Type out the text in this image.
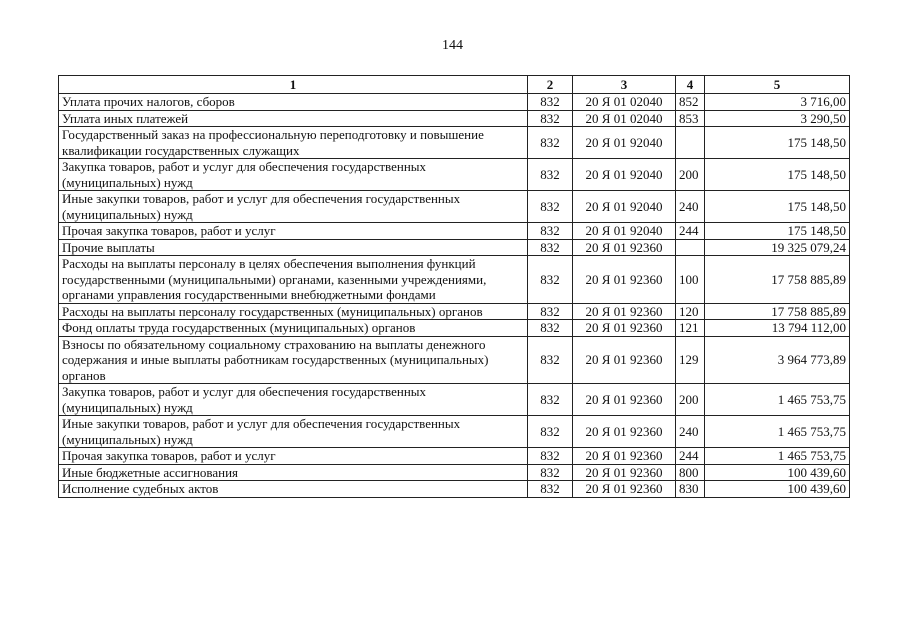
144
1	2	3	4	5
Уплата прочих налогов, сборов	832	20 Я 01 02040	852	3 716,00
Уплата иных платежей	832	20 Я 01 02040	853	3 290,50
Государственный заказ на профессиональную переподготовку и повышение квалификации государственных служащих	832	20 Я 01 92040		175 148,50
Закупка товаров, работ и услуг для обеспечения государственных (муниципальных) нужд	832	20 Я 01 92040	200	175 148,50
Иные закупки товаров, работ и услуг для обеспечения государственных (муниципальных) нужд	832	20 Я 01 92040	240	175 148,50
Прочая закупка товаров, работ и услуг	832	20 Я 01 92040	244	175 148,50
Прочие выплаты	832	20 Я 01 92360		19 325 079,24
Расходы на выплаты персоналу в целях обеспечения выполнения функций государственными (муниципальными) органами, казенными учреждениями, органами управления государственными внебюджетными фондами	832	20 Я 01 92360	100	17 758 885,89
Расходы на выплаты персоналу государственных (муниципальных) органов	832	20 Я 01 92360	120	17 758 885,89
Фонд оплаты труда государственных (муниципальных) органов	832	20 Я 01 92360	121	13 794 112,00
Взносы по обязательному социальному страхованию на выплаты денежного содержания и иные выплаты работникам государственных (муниципальных) органов	832	20 Я 01 92360	129	3 964 773,89
Закупка товаров, работ и услуг для обеспечения государственных (муниципальных) нужд	832	20 Я 01 92360	200	1 465 753,75
Иные закупки товаров, работ и услуг для обеспечения государственных (муниципальных) нужд	832	20 Я 01 92360	240	1 465 753,75
Прочая закупка товаров, работ и услуг	832	20 Я 01 92360	244	1 465 753,75
Иные бюджетные ассигнования	832	20 Я 01 92360	800	100 439,60
Исполнение судебных актов	832	20 Я 01 92360	830	100 439,60
